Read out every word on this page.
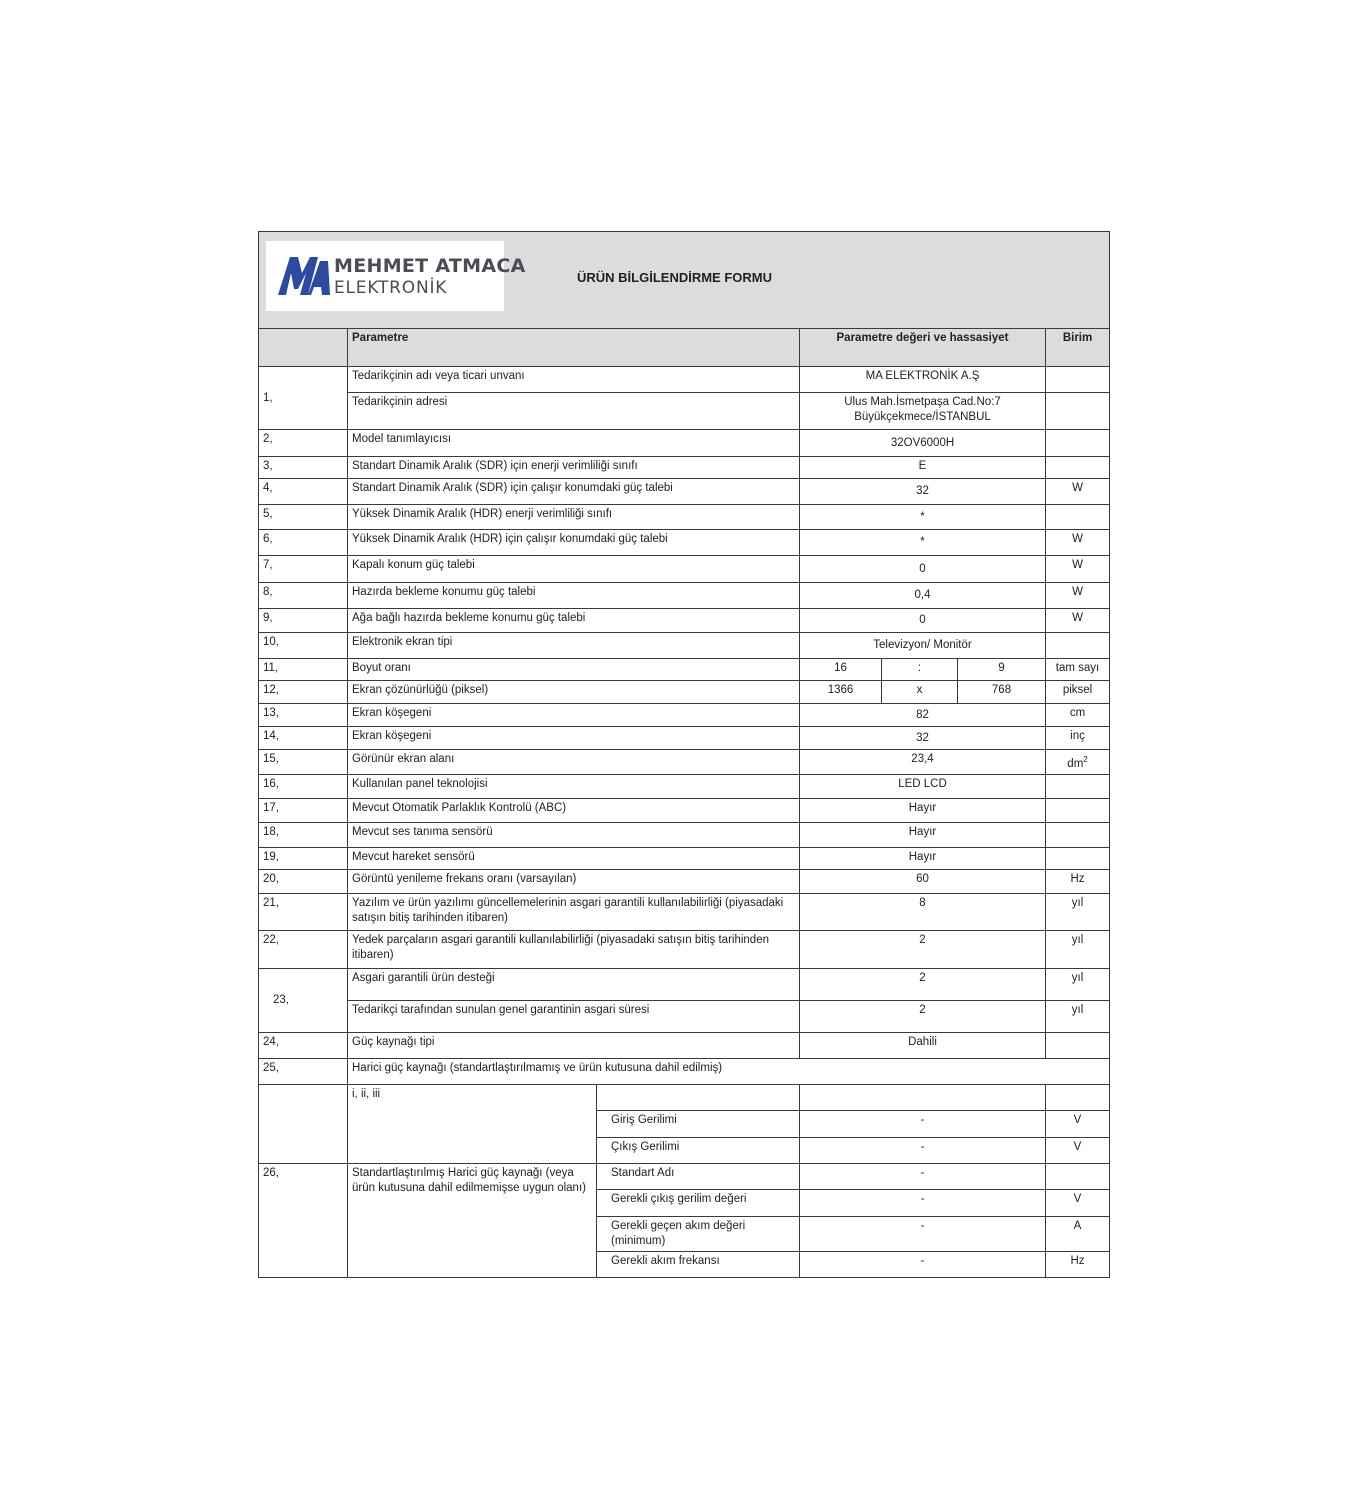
	Parametre		Parametre değeri ve hassasiyet			Birim
1,	Tedarikçinin adı veya ticari unvanı		MA ELEKTRONİK A.Ş			
	Tedarikçinin adresi		Ulus Mah.İsmetpaşa Cad.No:7 Büyükçekmece/İSTANBUL			
2,	Model tanımlayıcısı		32OV6000H			
3,	Standart Dinamik Aralık (SDR) için enerji verimliliği sınıfı		E			
4,	Standart Dinamik Aralık (SDR) için çalışır konumdaki güç talebi		32			W
5,	Yüksek Dinamik Aralık (HDR) enerji verimliliği sınıfı		*			
6,	Yüksek Dinamik Aralık (HDR) için çalışır konumdaki güç talebi		*			W
7,	Kapalı konum güç talebi		0			W
8,	Hazırda bekleme konumu güç talebi		0,4			W
9,	Ağa bağlı hazırda bekleme konumu güç talebi		0			W
10,	Elektronik ekran tipi		Televizyon/ Monitör			
11,	Boyut oranı		16	:	9	tam sayı
12,	Ekran çözünürlüğü (piksel)		1366	x	768	piksel
13,	Ekran köşegeni		82			cm
14,	Ekran köşegeni		32			inç
15,	Görünür ekran alanı		23,4			$dm^2$
16,	Kullanılan panel teknolojisi		LED LCD			
17,	Mevcut Otomatik Parlaklık Kontrolü (ABC)		Hayır			
18,	Mevcut ses tanıma sensörü		Hayır			
19,	Mevcut hareket sensörü		Hayır			
20,	Görüntü yenileme frekans oranı (varsayılan)		60			Hz
21,	Yazılım ve ürün yazılımı güncellemelerinin asgari garantili kullanılabilirliği (piyasadaki satışın bitiş tarihinden itibaren)		8			yıl
22,	Yedek parçaların asgari garantili kullanılabilirliği (piyasadaki satışın bitiş tarihinden itibaren)		2			yıl
23,	Asgari garantili ürün desteği		2			yıl
	Tedarikçi tarafından sunulan genel garantinin asgari süresi		2			yıl
24,	Güç kaynağı tipi		Dahili			
25,	Harici güç kaynağı (standartlaştırılmamış ve ürün kutusuna dahil edilmiş)					
	i, ii, iii					
		Giriş Gerilimi	-			V
		Çıkış Gerilimi	-			V
26,	Standartlaştırılmış Harici güç kaynağı (veya ürün kutusuna dahil edilmemişse uygun olanı)	Standart Adı	-			
		Gerekli çıkış gerilim değeri	-			V
		Gerekli geçen akım değeri (minimum)	-			A
		Gerekli akım frekansı	-			Hz
MEHMET ATMACA
ELEKTRONİK
ÜRÜN BİLGİLENDİRME FORMU
